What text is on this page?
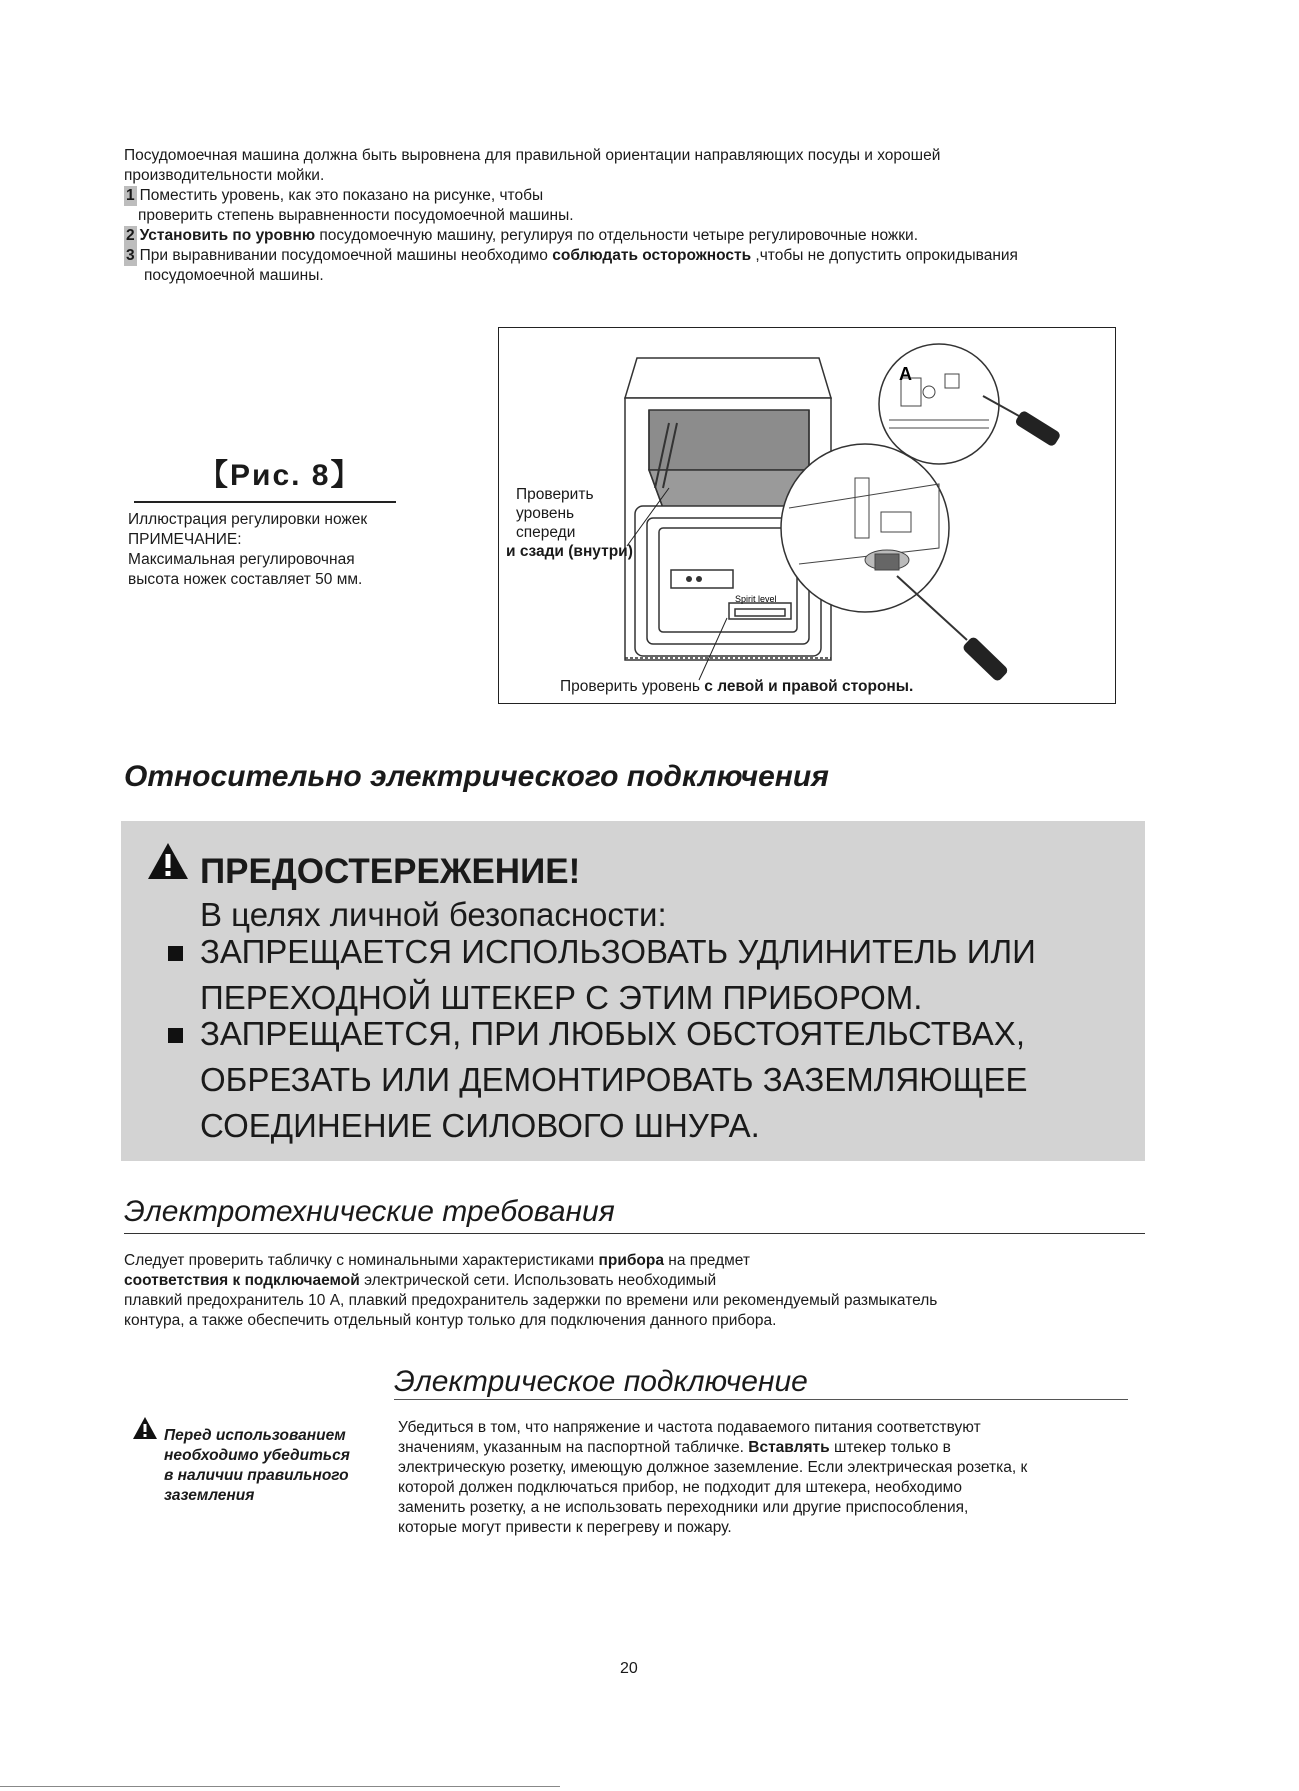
Посудомоечная машина должна быть выровнена для правильной ориентации направляющих посуды и хорошей

производительности мойки.

1 Поместить уровень, как это показано на рисунке, чтобы

проверить степень выравненности посудомоечной машины.

2 Установить по уровню посудомоечную машину, регулируя по отдельности четыре регулировочные ножки.

3 При выравнивании посудомоечной машины необходимо соблюдать осторожность ,чтобы не допустить опрокидывания

посудомоечной машины.

【Рис. 8】

Иллюстрация регулировки ножек

ПРИМЕЧАНИЕ:

Максимальная регулировочная

высота ножек составляет 50 мм.

Spirit level
A

Проверить

уровень

спереди

и сзади (внутри)

Проверить уровень с левой и правой стороны.
Относительно электрического подключения
ПРЕДОСТЕРЕЖЕНИЕ!
В целях личной безопасности:
ЗАПРЕЩАЕТСЯ ИСПОЛЬЗОВАТЬ УДЛИНИТЕЛЬ ИЛИ
ПЕРЕХОДНОЙ ШТЕКЕР С ЭТИМ ПРИБОРОМ.
ЗАПРЕЩАЕТСЯ, ПРИ ЛЮБЫХ ОБСТОЯТЕЛЬСТВАХ,
ОБРЕЗАТЬ ИЛИ ДЕМОНТИРОВАТЬ ЗАЗЕМЛЯЮЩЕЕ
СОЕДИНЕНИЕ СИЛОВОГО ШНУРА.
Электротехнические требования

Следует проверить табличку с номинальными характеристиками прибора на предмет

соответствия к подключаемой электрической сети. Использовать необходимый

плавкий предохранитель 10 А, плавкий предохранитель задержки по времени или рекомендуемый размыкатель

контура, а также обеспечить отдельный контур только для подключения данного прибора.

Электрическое подключение

Перед использованием

необходимо убедиться

в наличии правильного

заземления

Убедиться в том, что напряжение и частота подаваемого питания соответствуют

значениям, указанным на паспортной табличке. Вставлять штекер только в

электрическую розетку, имеющую должное заземление. Если электрическая розетка, к

которой должен подключаться прибор, не подходит для штекера, необходимо

заменить розетку, а не использовать переходники или другие приспособления,

которые могут привести к перегреву и пожару.

20
